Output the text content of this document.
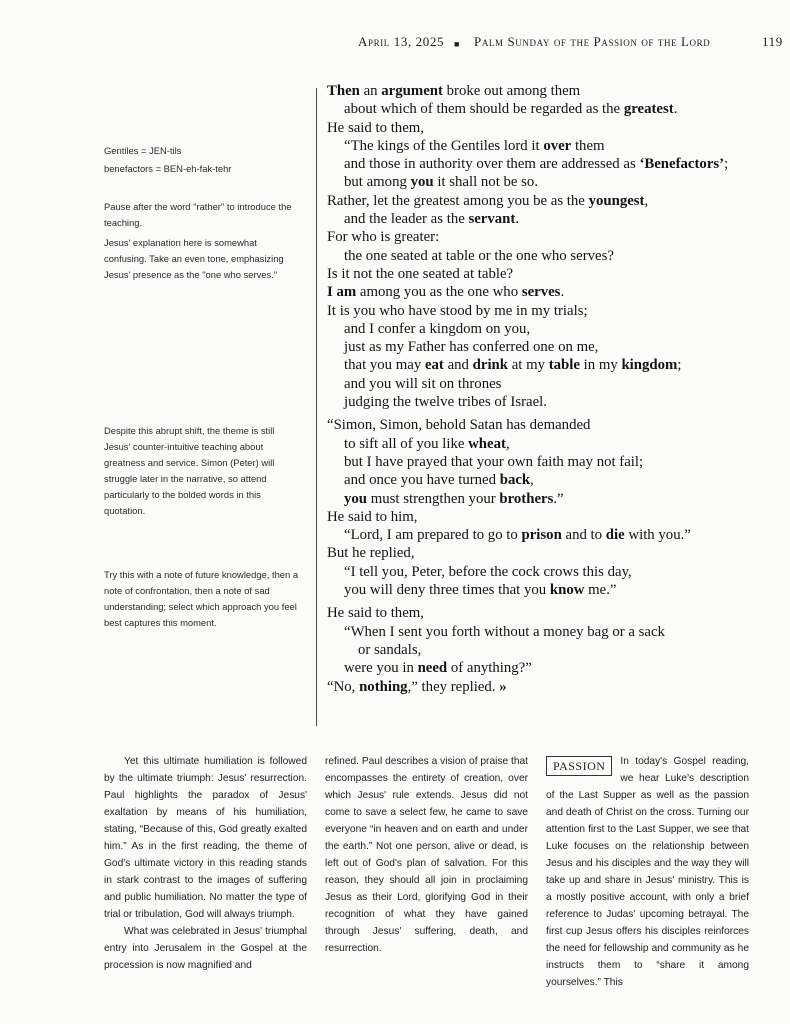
April 13, 2025 ■ Palm Sunday of the Passion of the Lord	119

Gentiles = JEN-tils

benefactors = BEN-eh-fak-tehr

Pause after the word "rather" to introduce the teaching.

Jesus' explanation here is somewhat confusing. Take an even tone, emphasizing Jesus' presence as the "one who serves."

Despite this abrupt shift, the theme is still Jesus' counter-intuitive teaching about greatness and service. Simon (Peter) will struggle later in the narrative, so attend particularly to the bolded words in this quotation.

Try this with a note of future knowledge, then a note of confrontation, then a note of sad understanding; select which approach you feel best captures this moment.

Then an argument broke out among them
about which of them should be regarded as the greatest.
He said to them,
“The kings of the Gentiles lord it over them
and those in authority over them are addressed as ‘Benefactors’;
but among you it shall not be so.
Rather, let the greatest among you be as the youngest,
and the leader as the servant.
For who is greater:
the one seated at table or the one who serves?
Is it not the one seated at table?
I am among you as the one who serves.
It is you who have stood by me in my trials;
and I confer a kingdom on you,
just as my Father has conferred one on me,
that you may eat and drink at my table in my kingdom;
and you will sit on thrones
judging the twelve tribes of Israel.
“Simon, Simon, behold Satan has demanded
to sift all of you like wheat,
but I have prayed that your own faith may not fail;
and once you have turned back,
you must strengthen your brothers.”
He said to him,
“Lord, I am prepared to go to prison and to die with you.”
But he replied,
“I tell you, Peter, before the cock crows this day,
you will deny three times that you know me.”
He said to them,
“When I sent you forth without a money bag or a sack
or sandals,
were you in need of anything?”
“No, nothing,” they replied. »

Yet this ultimate humiliation is followed by the ultimate triumph: Jesus' resurrection. Paul highlights the paradox of Jesus' exaltation by means of his humiliation, stating, “Because of this, God greatly exalted him.” As in the first reading, the theme of God's ultimate victory in this reading stands in stark contrast to the images of suffering and public humiliation. No matter the type of trial or tribulation, God will always triumph.

What was celebrated in Jesus' triumphal entry into Jerusalem in the Gospel at the procession is now magnified and

refined. Paul describes a vision of praise that encompasses the entirety of creation, over which Jesus' rule extends. Jesus did not come to save a select few, he came to save everyone “in heaven and on earth and under the earth.” Not one person, alive or dead, is left out of God's plan of salvation. For this reason, they should all join in proclaiming Jesus as their Lord, glorifying God in their recognition of what they have gained through Jesus' suffering, death, and resurrection.

PASSION	In today's Gospel reading, we hear Luke's description of the Last Supper as well as the passion and death of Christ on the cross. Turning our attention first to the Last Supper, we see that Luke focuses on the relationship between Jesus and his disciples and the way they will take up and share in Jesus' ministry. This is a mostly positive account, with only a brief reference to Judas' upcoming betrayal. The first cup Jesus offers his disciples reinforces the need for fellowship and community as he instructs them to “share it among yourselves.” This
